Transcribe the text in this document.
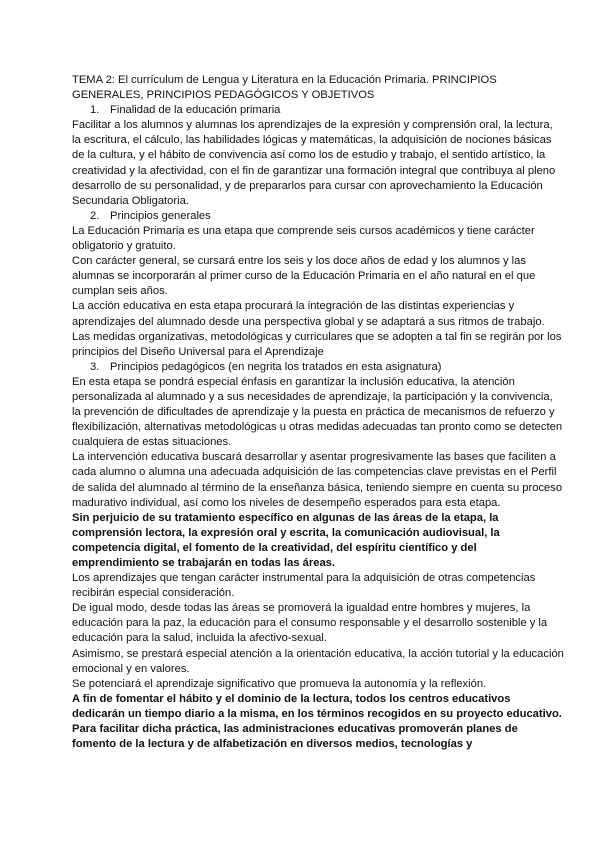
TEMA 2: El currículum de Lengua y Literatura en la Educación Primaria. PRINCIPIOS GENERALES, PRINCIPIOS PEDAGÓGICOS Y OBJETIVOS

1. Finalidad de la educación primaria

Facilitar a los alumnos y alumnas los aprendizajes de la expresión y comprensión oral, la lectura, la escritura, el cálculo, las habilidades lógicas y matemáticas, la adquisición de nociones básicas de la cultura, y el hábito de convivencia así como los de estudio y trabajo, el sentido artístico, la creatividad y la afectividad, con el fin de garantizar una formación integral que contribuya al pleno desarrollo de su personalidad, y de prepararlos para cursar con aprovechamiento la Educación Secundaria Obligatoria.

2. Principios generales

La Educación Primaria es una etapa que comprende seis cursos académicos y tiene carácter obligatorio y gratuito.

Con carácter general, se cursará entre los seis y los doce años de edad y los alumnos y las alumnas se incorporarán al primer curso de la Educación Primaria en el año natural en el que cumplan seis años.

La acción educativa en esta etapa procurará la integración de las distintas experiencias y aprendizajes del alumnado desde una perspectiva global y se adaptará a sus ritmos de trabajo.

Las medidas organizativas, metodológicas y curriculares que se adopten a tal fin se regirán por los principios del Diseño Universal para el Aprendizaje

3. Principios pedagógicos (en negrita los tratados en esta asignatura)

En esta etapa se pondrá especial énfasis en garantizar la inclusión educativa, la atención personalizada al alumnado y a sus necesidades de aprendizaje, la participación y la convivencia, la prevención de dificultades de aprendizaje y la puesta en práctica de mecanismos de refuerzo y flexibilización, alternativas metodológicas u otras medidas adecuadas tan pronto como se detecten cualquiera de estas situaciones.

La intervención educativa buscará desarrollar y asentar progresivamente las bases que faciliten a cada alumno o alumna una adecuada adquisición de las competencias clave previstas en el Perfil de salida del alumnado al término de la enseñanza básica, teniendo siempre en cuenta su proceso madurativo individual, así como los niveles de desempeño esperados para esta etapa.

Sin perjuicio de su tratamiento específico en algunas de las áreas de la etapa, la comprensión lectora, la expresión oral y escrita, la comunicación audiovisual, la competencia digital, el fomento de la creatividad, del espíritu científico y del emprendimiento se trabajarán en todas las áreas.

Los aprendizajes que tengan carácter instrumental para la adquisición de otras competencias recibirán especial consideración.

De igual modo, desde todas las áreas se promoverá la igualdad entre hombres y mujeres, la educación para la paz, la educación para el consumo responsable y el desarrollo sostenible y la educación para la salud, incluida la afectivo-sexual.

Asimismo, se prestará especial atención a la orientación educativa, la acción tutorial y la educación emocional y en valores.

Se potenciará el aprendizaje significativo que promueva la autonomía y la reflexión.

A fin de fomentar el hábito y el dominio de la lectura, todos los centros educativos dedicarán un tiempo diario a la misma, en los términos recogidos en su proyecto educativo. Para facilitar dicha práctica, las administraciones educativas promoverán planes de fomento de la lectura y de alfabetización en diversos medios, tecnologías y
